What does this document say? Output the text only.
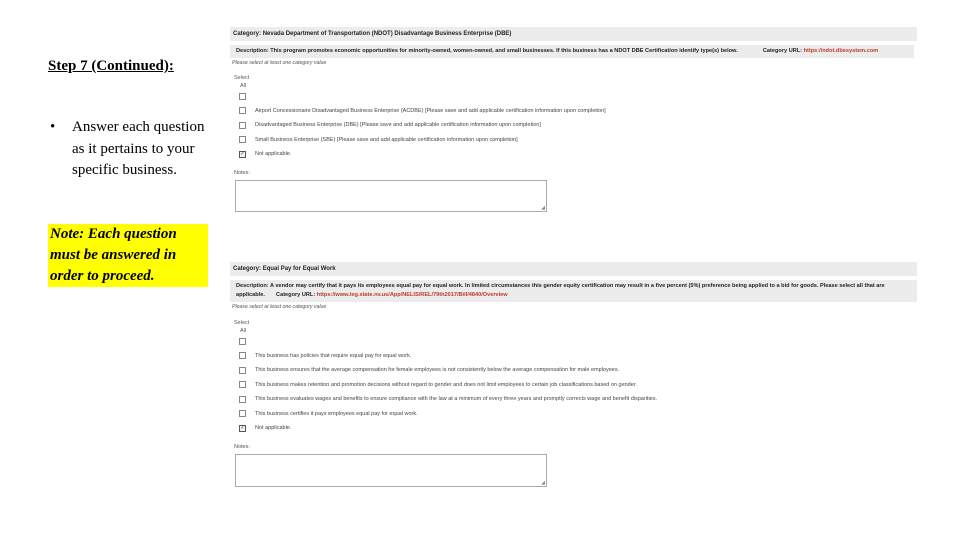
Step 7 (Continued):

•	Answer each question as it pertains to your specific business.
Note: Each question must be answered in order to proceed.
Category: Nevada Department of Transportation (NDOT) Disadvantage Business Enterprise (DBE)
Description: This program promotes economic opportunities for minority-owned, women-owned, and small businesses. If this business has a NDOT DBE Certification identify type(s) below.	Category URL: https://ndot.dbesystem.com
Please select at least one category value
Select
All
Airport Concessionaire Disadvantaged Business Enterprise (ACDBE) [Please save and add applicable certification information upon completion]
Disadvantaged Business Enterprise (DBE) [Please save and add applicable certification information upon completion]
Small Business Enterprise (SBE) [Please save and add applicable certification information upon completion]
✓ Not applicable.
Notes:
◢
Category: Equal Pay for Equal Work
Description: A vendor may certify that it pays its employees equal pay for equal work. In limited circumstances this gender equity certification may result in a five percent (5%) preference being applied to a bid for goods. Please select all that are applicable. Category URL: https://www.leg.state.nv.us/App/NELIS/REL/79th2017/Bill/4840/Overview
Please select at least one category value
Select
All
This business has policies that require equal pay for equal work.
This business ensures that the average compensation for female employees is not consistently below the average compensation for male employees.
This business makes retention and promotion decisions without regard to gender and does not limit employees to certain job classifications based on gender.
This business evaluates wages and benefits to ensure compliance with the law at a minimum of every three years and promptly corrects wage and benefit disparities.
This business certifies it pays employees equal pay for equal work.
✓ Not applicable.
Notes:
◢
